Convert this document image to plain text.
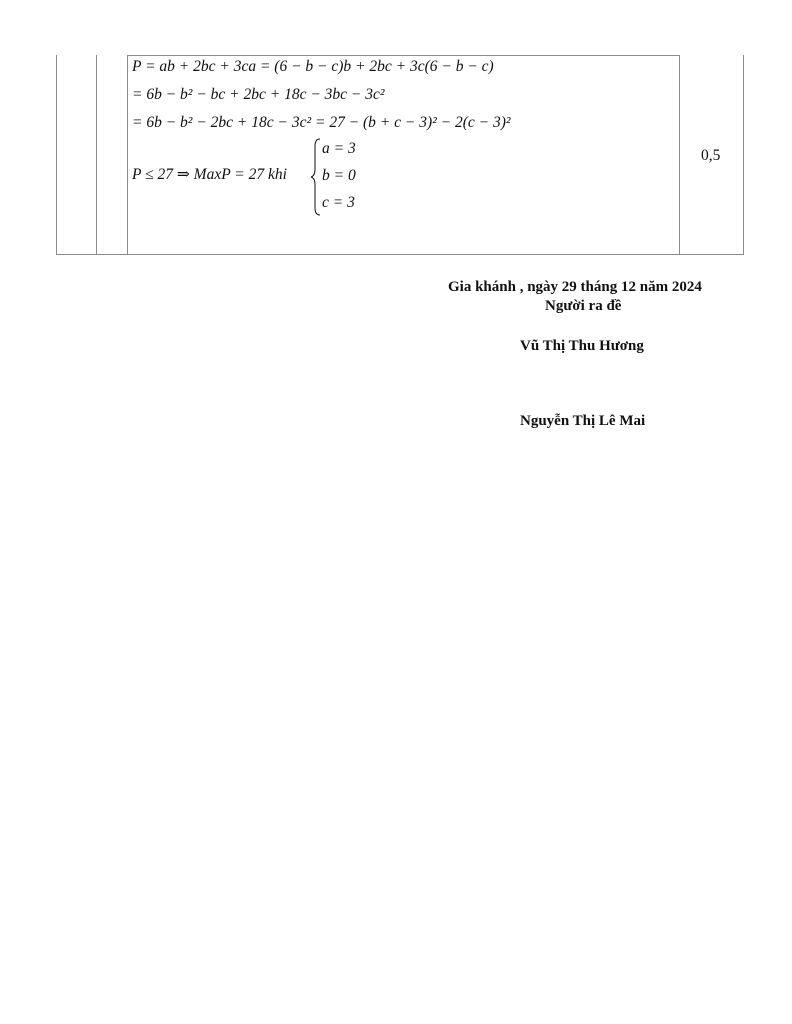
P = ab + 2bc + 3ca = (6 − b − c)b + 2bc + 3c(6 − b − c)
= 6b − b² − bc + 2bc + 18c − 3bc − 3c²
= 6b − b² − 2bc + 18c − 3c² = 27 − (b + c − 3)² − 2(c − 3)²
P ≤ 27 ⇒ MaxP = 27 khi
a = 3
b = 0
c = 3
0,5
Gia khánh , ngày 29 tháng 12 năm 2024
Người ra đề
Vũ Thị Thu Hương
Nguyễn Thị Lê Mai
